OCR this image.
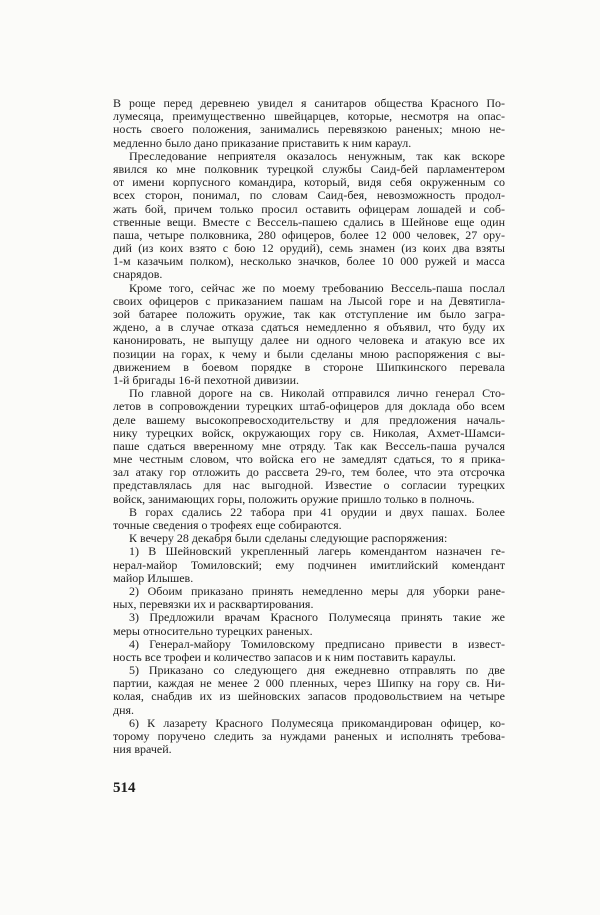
В роще перед деревнею увидел я санитаров общества Красного По-
лумесяца, преимущественно швейцарцев, которые, несмотря на опас-
ность своего положения, занимались перевязкою раненых; мною не-
медленно было дано приказание приставить к ним караул.
Преследование неприятеля оказалось ненужным, так как вскоре
явился ко мне полковник турецкой службы Саид-бей парламентером
от имени корпусного командира, который, видя себя окруженным со
всех сторон, понимал, по словам Саид-бея, невозможность продол-
жать бой, причем только просил оставить офицерам лошадей и соб-
ственные вещи. Вместе с Вессель-пашею сдались в Шейнове еще один
паша, четыре полковника, 280 офицеров, более 12 000 человек, 27 ору-
дий (из коих взято с бою 12 орудий), семь знамен (из коих два взяты
1-м казачьим полком), несколько значков, более 10 000 ружей и масса
снарядов.
Кроме того, сейчас же по моему требованию Вессель-паша послал
своих офицеров с приказанием пашам на Лысой горе и на Девятигла-
зой батарее положить оружие, так как отступление им было загра-
ждено, а в случае отказа сдаться немедленно я объявил, что буду их
канонировать, не выпущу далее ни одного человека и атакую все их
позиции на горах, к чему и были сделаны мною распоряжения с вы-
движением в боевом порядке в стороне Шипкинского перевала
1-й бригады 16-й пехотной дивизии.
По главной дороге на св. Николай отправился лично генерал Сто-
летов в сопровождении турецких штаб-офицеров для доклада обо всем
деле вашему высокопревосходительству и для предложения началь-
нику турецких войск, окружающих гору св. Николая, Ахмет-Шамси-
паше сдаться вверенному мне отряду. Так как Вессель-паша ручался
мне честным словом, что войска его не замедлят сдаться, то я прика-
зал атаку гор отложить до рассвета 29-го, тем более, что эта отсрочка
представлялась для нас выгодной. Известие о согласии турецких
войск, занимающих горы, положить оружие пришло только в полночь.
В горах сдались 22 табора при 41 орудии и двух пашах. Более
точные сведения о трофеях еще собираются.
К вечеру 28 декабря были сделаны следующие распоряжения:
1) В Шейновский укрепленный лагерь комендантом назначен ге-
нерал-майор Томиловский; ему подчинен имитлийский комендант
майор Илышев.
2) Обоим приказано принять немедленно меры для уборки ране-
ных, перевязки их и расквартирования.
3) Предложили врачам Красного Полумесяца принять такие же
меры относительно турецких раненых.
4) Генерал-майору Томиловскому предписано привести в извест-
ность все трофеи и количество запасов и к ним поставить караулы.
5) Приказано со следующего дня ежедневно отправлять по две
партии, каждая не менее 2 000 пленных, через Шипку на гору св. Ни-
колая, снабдив их из шейновских запасов продовольствием на четыре
дня.
6) К лазарету Красного Полумесяца прикомандирован офицер, ко-
торому поручено следить за нуждами раненых и исполнять требова-
ния врачей.
514
